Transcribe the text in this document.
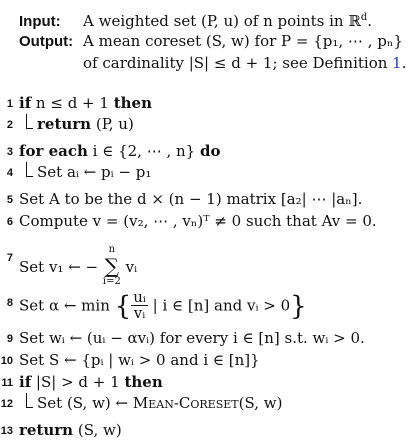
Input: A weighted set (P, u) of n points in ℝ$^d$.
Output: A mean coreset (S, w) for P = {p₁, ⋯ , pₙ}
of cardinality |S| ≤ d + 1; see Definition 1.
1 if n ≤ d + 1 then
2 return (P, u)
3 for each i ∈ {2, ⋯ , n} do
4 Set aᵢ ← pᵢ − p₁
5 Set A to be the d × (n − 1) matrix [a₂| ⋯ |aₙ].
6 Compute v = (v₂, ⋯ , vₙ)ᵀ ≠ 0 such that Av = 0.
7 Set v₁ ← −
n
∑
i=2
vᵢ
8 Set α ← min { $\frac{\text{uᵢ}}{\text{vᵢ}}$ | i ∈ [n] and vᵢ > 0}
9 Set wᵢ ← (uᵢ − αvᵢ) for every i ∈ [n] s.t. wᵢ > 0.
10 Set S ← {pᵢ | wᵢ > 0 and i ∈ [n]}
11 if |S| > d + 1 then
12 Set (S, w) ← Mean-Coreset(S, w)
13 return (S, w)
